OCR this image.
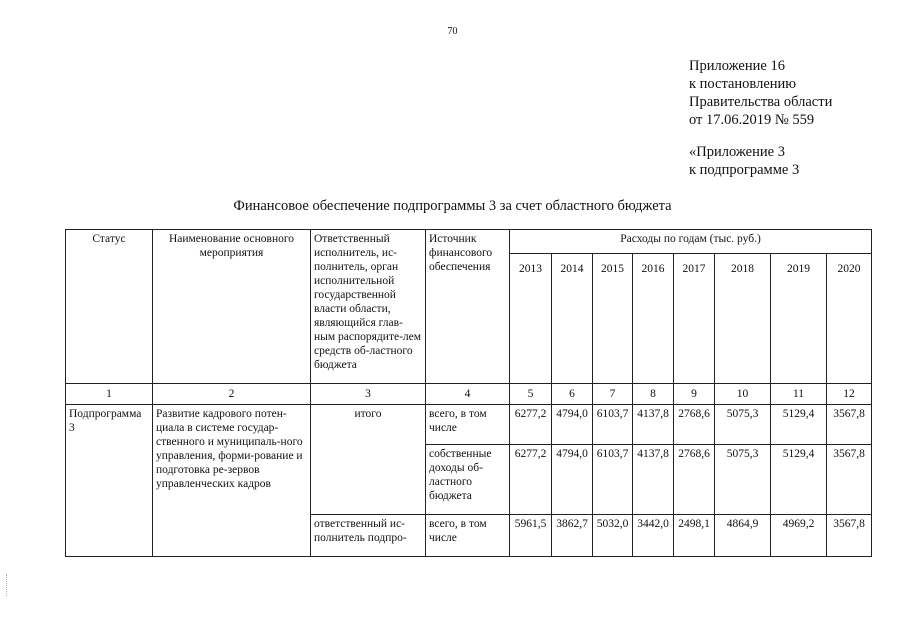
70
Приложение 16
к постановлению
Правительства области
от 17.06.2019 № 559
«Приложение 3
к подпрограмме 3
Финансовое обеспечение подпрограммы 3 за счет областного бюджета
Статус	Наименование основного мероприятия	Ответственный исполнитель, ис-полнитель, орган исполнительной государственной власти области, являющийся глав-ным распорядите-лем средств об-ластного бюджета	Источник финансового обеспечения	Расходы по годам (тыс. руб.)							
				2013	2014	2015	2016	2017	2018	2019	2020
1	2	3	4	5	6	7	8	9	10	11	12
Подпрограмма 3	Развитие кадрового потен-циала в системе государ-ственного и муниципаль-ного управления, форми-рование и подготовка ре-зервов управленческих кадров	итого	всего, в том числе	6277,2	4794,0	6103,7	4137,8	2768,6	5075,3	5129,4	3567,8
			собственные доходы об-ластного бюджета	6277,2	4794,0	6103,7	4137,8	2768,6	5075,3	5129,4	3567,8
		ответственный ис-полнитель подпро-	всего, в том числе	5961,5	3862,7	5032,0	3442,0	2498,1	4864,9	4969,2	3567,8
